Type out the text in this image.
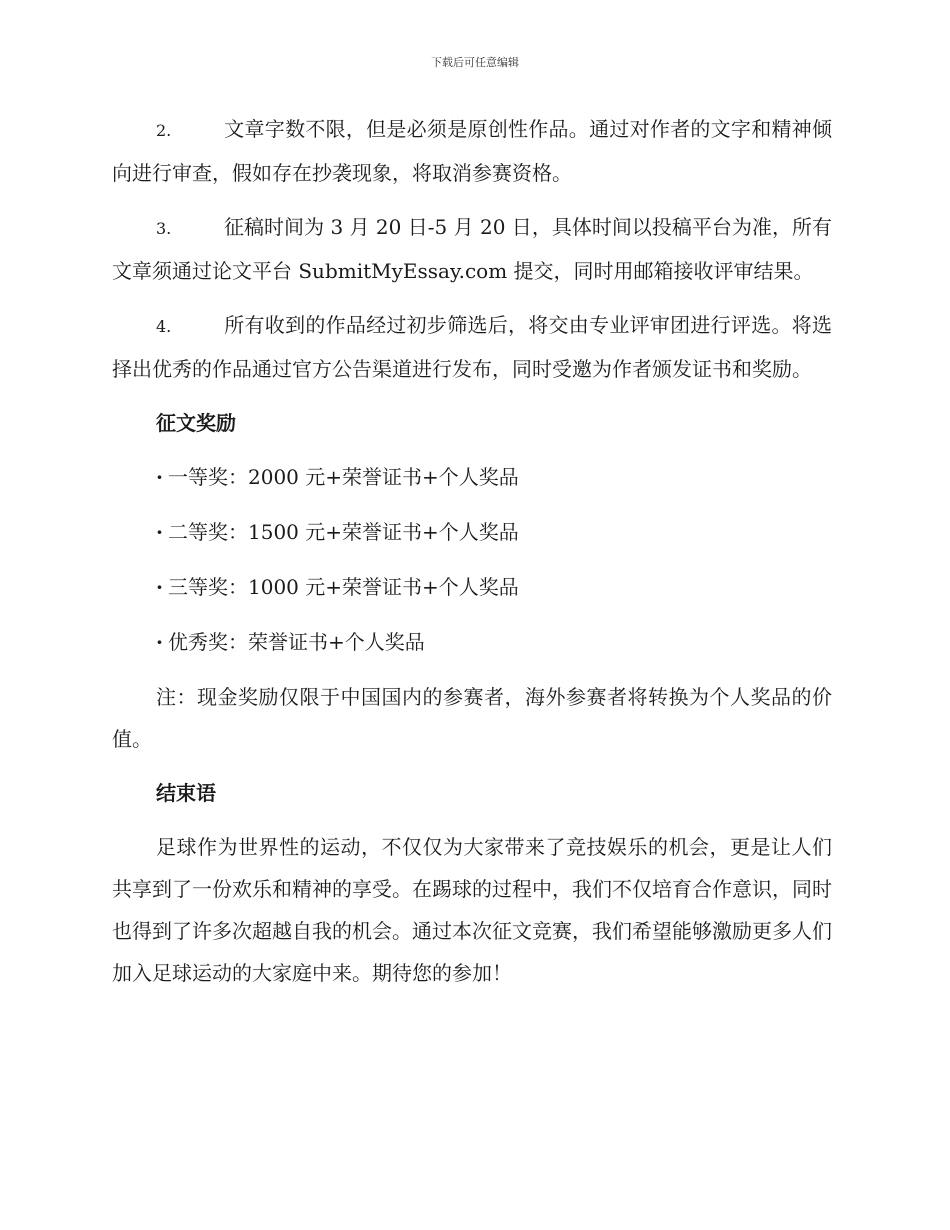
下载后可任意编辑

2.	文章字数不限，但是必须是原创性作品。通过对作者的文字和精神倾向进行审查，假如存在抄袭现象，将取消参赛资格。

3.	征稿时间为 3 月 20 日-5 月 20 日，具体时间以投稿平台为准，所有文章须通过论文平台 SubmitMyEssay.com 提交，同时用邮箱接收评审结果。

4.	所有收到的作品经过初步筛选后，将交由专业评审团进行评选。将选择出优秀的作品通过官方公告渠道进行发布，同时受邀为作者颁发证书和奖励。

征文奖励
· 一等奖：2000 元+荣誉证书+个人奖品
· 二等奖：1500 元+荣誉证书+个人奖品
· 三等奖：1000 元+荣誉证书+个人奖品
· 优秀奖：荣誉证书+个人奖品

注：现金奖励仅限于中国国内的参赛者，海外参赛者将转换为个人奖品的价值。

结束语

足球作为世界性的运动，不仅仅为大家带来了竞技娱乐的机会，更是让人们共享到了一份欢乐和精神的享受。在踢球的过程中，我们不仅培育合作意识，同时也得到了许多次超越自我的机会。通过本次征文竞赛，我们希望能够激励更多人们加入足球运动的大家庭中来。期待您的参加！
